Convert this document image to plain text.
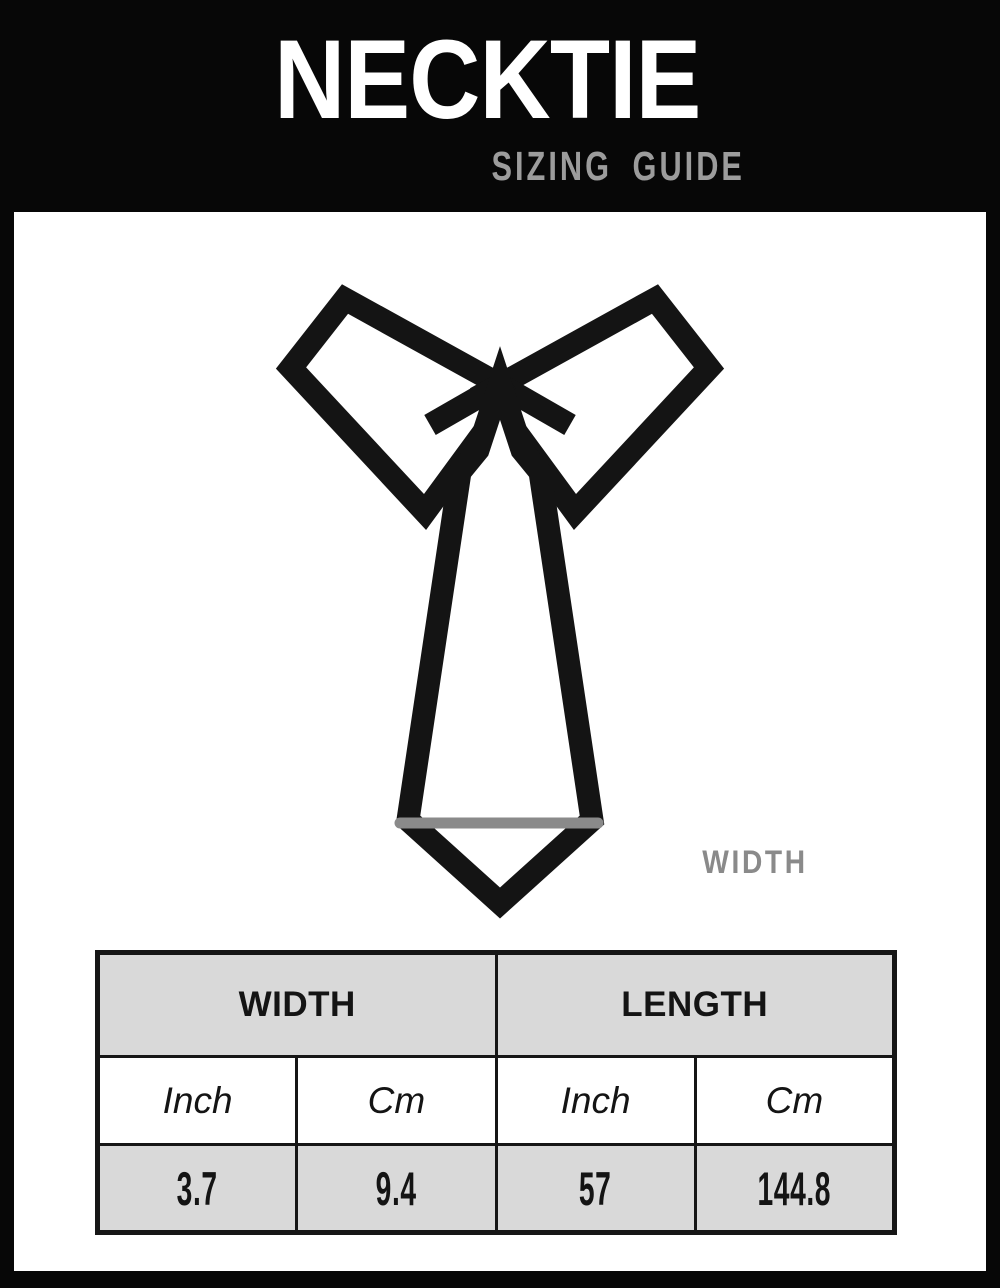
NECKTIE
SIZING GUIDE
WIDTH
WIDTH		LENGTH	
Inch	Cm	Inch	Cm
3.7	9.4	57	144.8
